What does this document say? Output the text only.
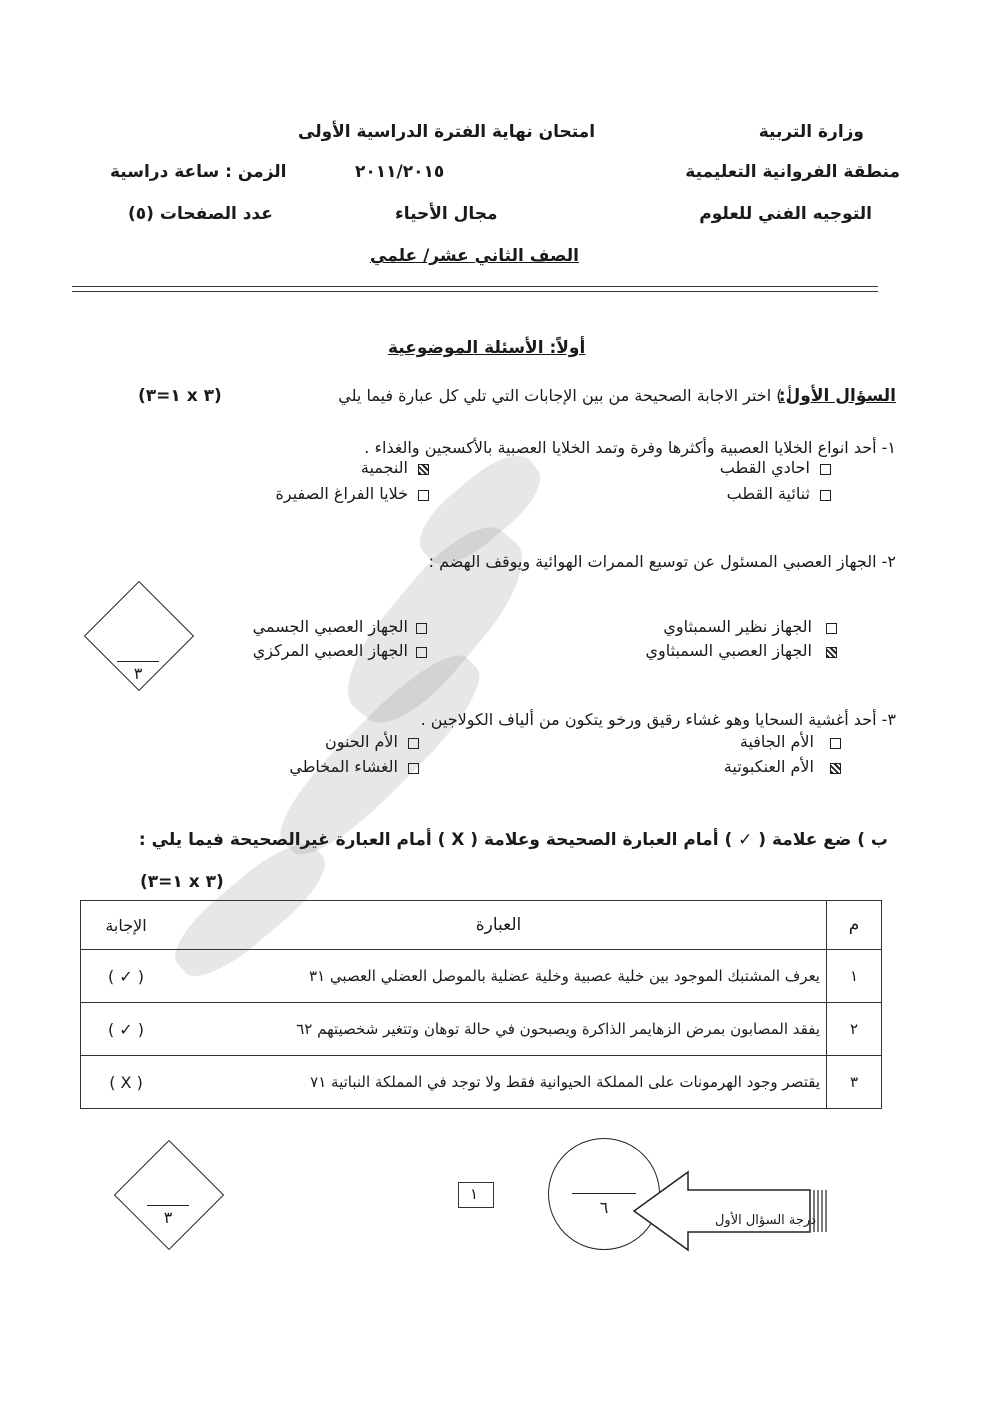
وزارة التربية
منطقة الفروانية التعليمية
التوجيه الفني للعلوم
امتحان نهاية الفترة الدراسية الأولى
٢٠١١/٢٠١٥
مجال الأحياء
الصف الثاني عشر/ علمي
الزمن : ساعة دراسية
عدد الصفحات (٥)
أولاً: الأسئلة الموضوعية
السؤال الأول:
أ ) اختر الاجابة الصحيحة من بين الإجابات التي تلي كل عبارة فيما يلي
(٣ x ١=٣)
١- أحد انواع الخلايا العصبية وأكثرها وفرة وتمد الخلايا العصبية بالأكسجين والغذاء .
احادي القطب
النجمية
ثنائية القطب
خلايا الفراغ الصفيرة
٢- الجهاز العصبي المسئول عن توسيع الممرات الهوائية ويوقف الهضم :
الجهاز نظير السمبثاوي
الجهاز العصبي الجسمي
الجهاز العصبي السمبثاوي
الجهاز العصبي المركزي
٣- أحد أغشية السحايا وهو غشاء رقيق ورخو يتكون من ألياف الكولاجين .
الأم الجافية
الأم الحنون
الأم العنكبوتية
الغشاء المخاطي
٣
ب ) ضع علامة ( ✓ ) أمام العبارة الصحيحة وعلامة ( X ) أمام العبارة غيرالصحيحة فيما يلي :
(٣ x ١=٣)
م	العبارة	الإجابة
١	يعرف المشتبك الموجود بين خلية عصبية وخلية عضلية بالموصل العضلي العصبي ٣١	( ✓ )
٢	يفقد المصابون بمرض الزهايمر الذاكرة ويصبحون في حالة توهان وتتغير شخصيتهم ٦٢	( ✓ )
٣	يقتصر وجود الهرمونات على المملكة الحيوانية فقط ولا توجد في المملكة النباتية ٧١	( X )
٣
١
٦
درجة السؤال الأول
